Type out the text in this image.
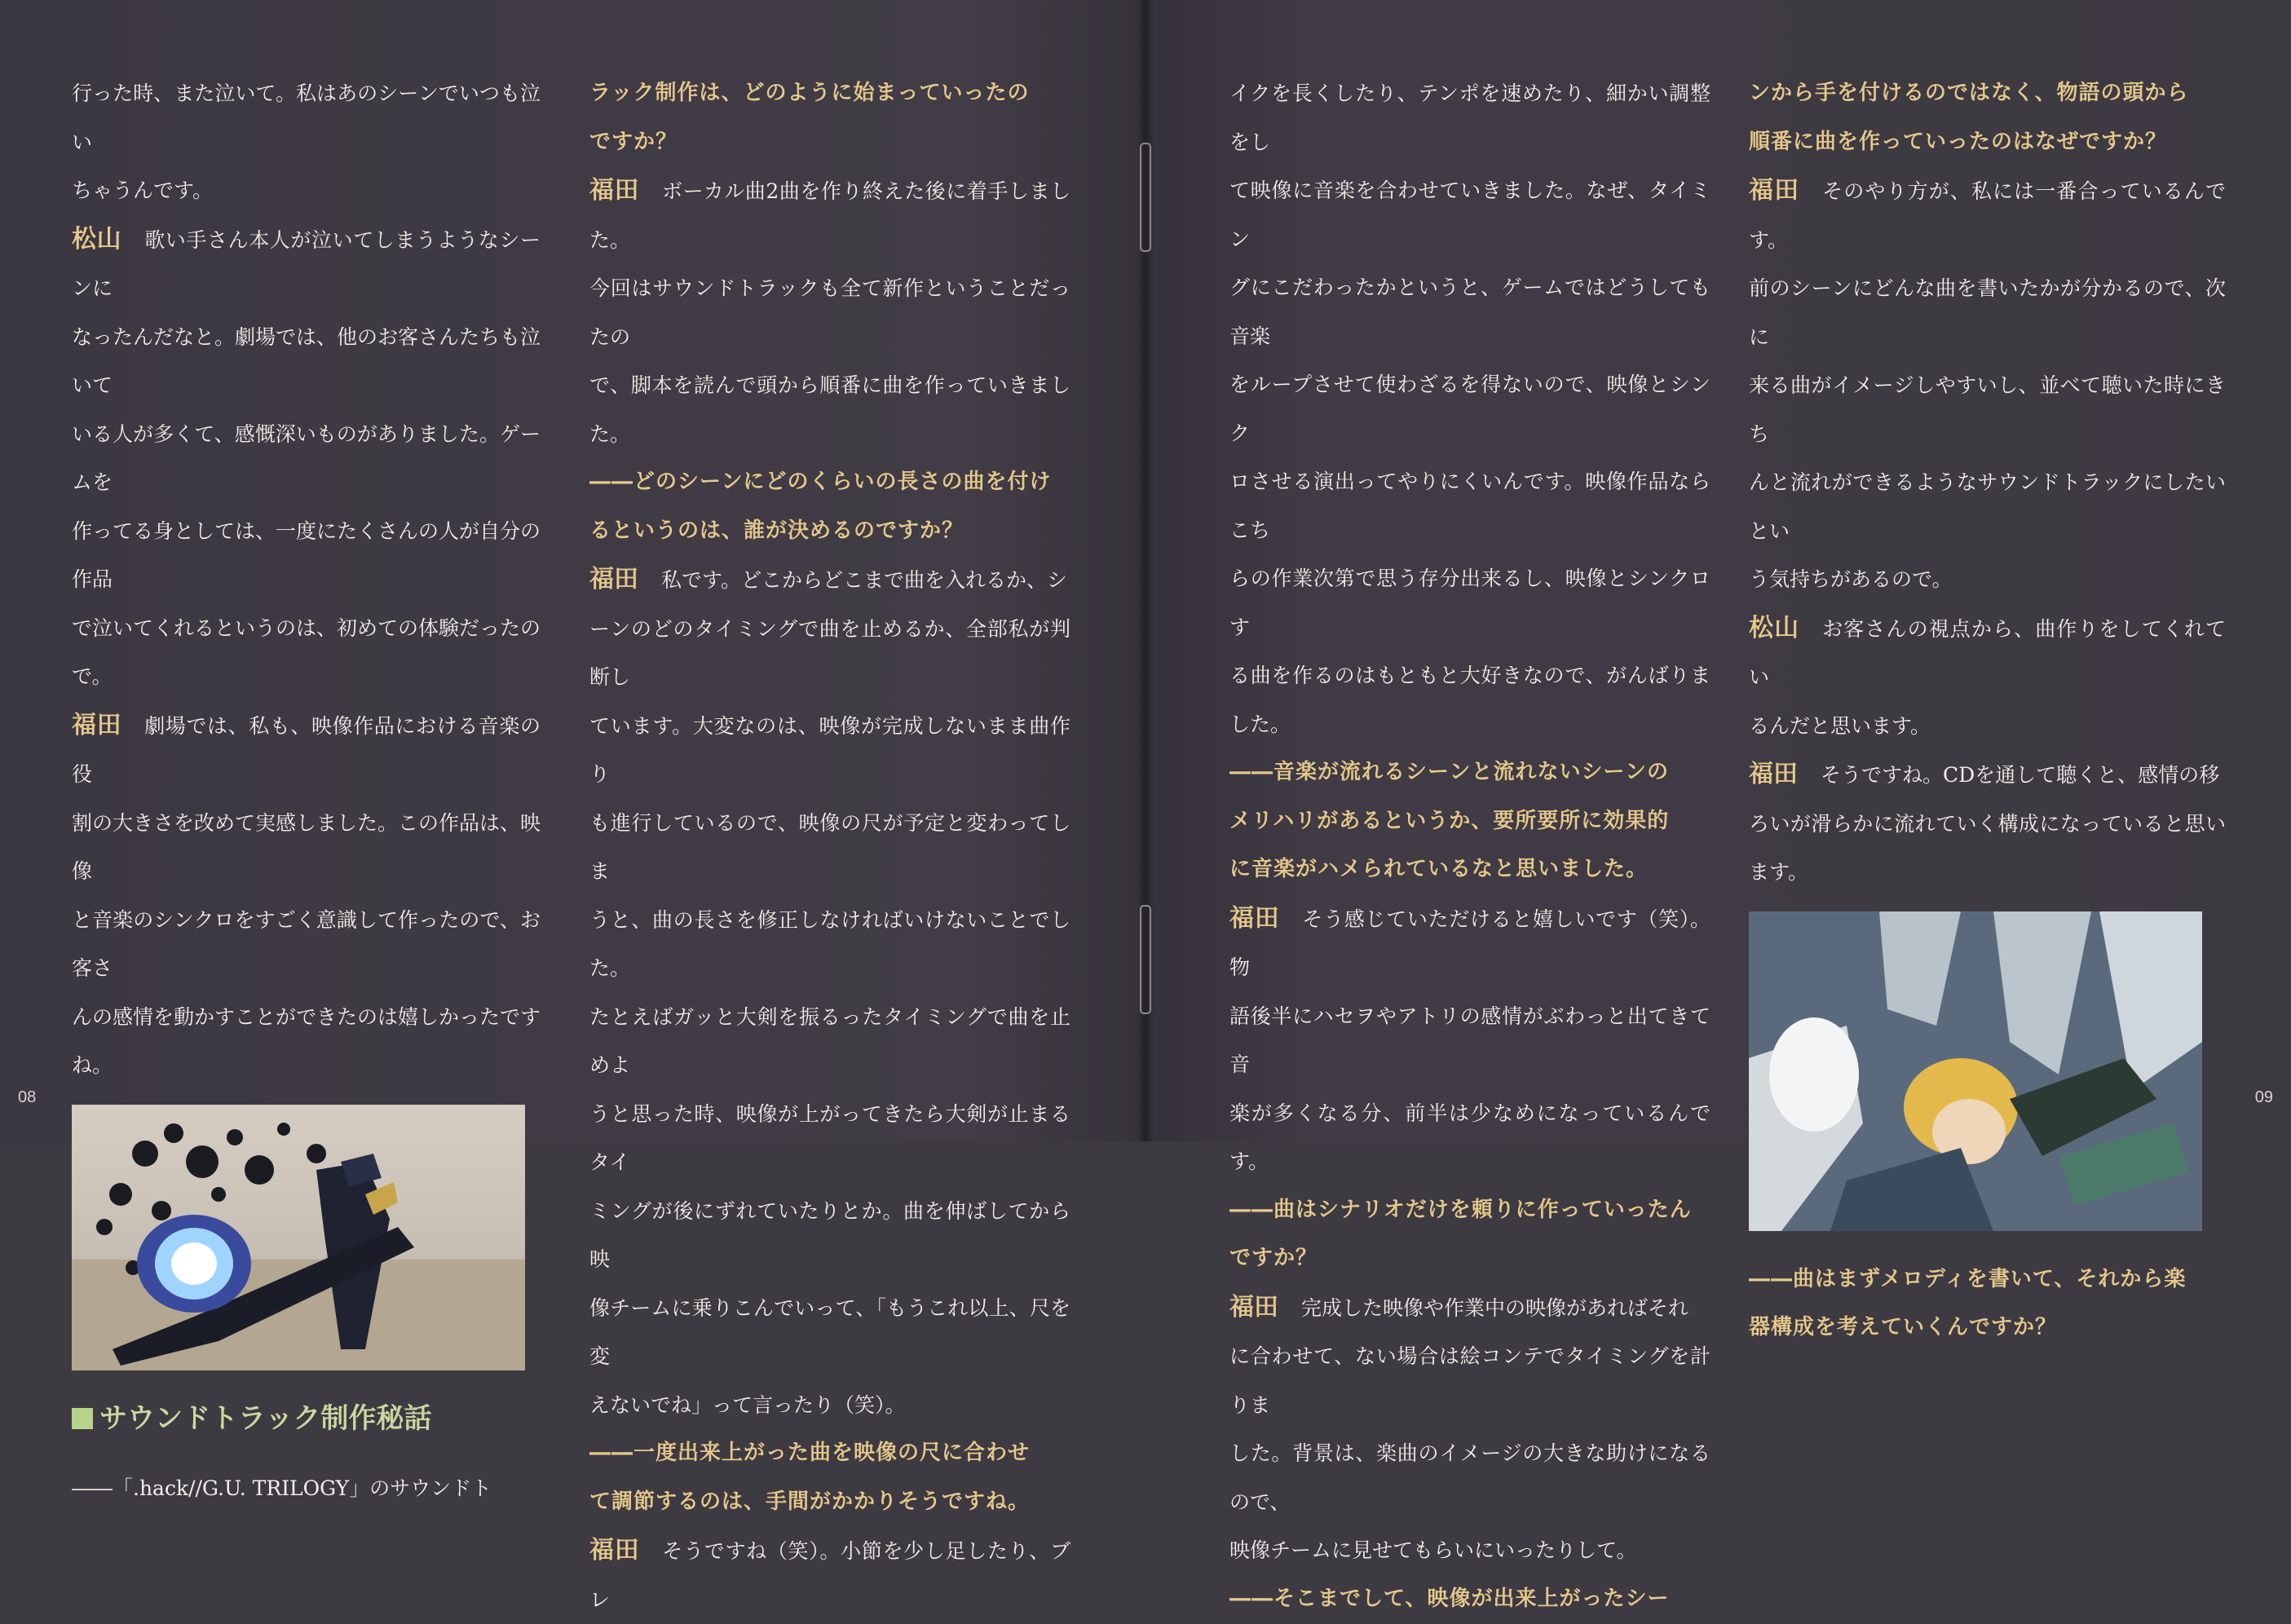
行った時、また泣いて。私はあのシーンでいつも泣い
ちゃうんです。

松山 歌い手さん本人が泣いてしまうようなシーンに
なったんだなと。劇場では、他のお客さんたちも泣いて
いる人が多くて、感慨深いものがありました。ゲームを
作ってる身としては、一度にたくさんの人が自分の作品
で泣いてくれるというのは、初めての体験だったので。

福田 劇場では、私も、映像作品における音楽の役
割の大きさを改めて実感しました。この作品は、映像
と音楽のシンクロをすごく意識して作ったので、お客さ
んの感情を動かすことができたのは嬉しかったですね。

サウンドトラック制作秘話

――「.hack//G.U. TRILOGY」のサウンドト

ラック制作は、どのように始まっていったの
ですか？

福田 ボーカル曲2曲を作り終えた後に着手しました。
今回はサウンドトラックも全て新作ということだったの
で、脚本を読んで頭から順番に曲を作っていきました。

――どのシーンにどのくらいの長さの曲を付け
るというのは、誰が決めるのですか？

福田 私です。どこからどこまで曲を入れるか、シ
ーンのどのタイミングで曲を止めるか、全部私が判断し
ています。大変なのは、映像が完成しないまま曲作り
も進行しているので、映像の尺が予定と変わってしま
うと、曲の長さを修正しなければいけないことでした。
たとえばガッと大剣を振るったタイミングで曲を止めよ
うと思った時、映像が上がってきたら大剣が止まるタイ
ミングが後にずれていたりとか。曲を伸ばしてから映
像チームに乗りこんでいって、「もうこれ以上、尺を変
えないでね」って言ったり（笑）。

――一度出来上がった曲を映像の尺に合わせ
て調節するのは、手間がかかりそうですね。

福田 そうですね（笑）。小節を少し足したり、ブレ

08	09

イクを長くしたり、テンポを速めたり、細かい調整をし
て映像に音楽を合わせていきました。なぜ、タイミン
グにこだわったかというと、ゲームではどうしても音楽
をループさせて使わざるを得ないので、映像とシンク
ロさせる演出ってやりにくいんです。映像作品ならこち
らの作業次第で思う存分出来るし、映像とシンクロす
る曲を作るのはもともと大好きなので、がんばりました。

――音楽が流れるシーンと流れないシーンの
メリハリがあるというか、要所要所に効果的
に音楽がハメられているなと思いました。

福田 そう感じていただけると嬉しいです（笑）。物
語後半にハセヲやアトリの感情がぶわっと出てきて音
楽が多くなる分、前半は少なめになっているんです。

――曲はシナリオだけを頼りに作っていったん
ですか？

福田 完成した映像や作業中の映像があればそれ
に合わせて、ない場合は絵コンテでタイミングを計りま
した。背景は、楽曲のイメージの大きな助けになるので、
映像チームに見せてもらいにいったりして。

――そこまでして、映像が出来上がったシー

ンから手を付けるのではなく、物語の頭から
順番に曲を作っていったのはなぜですか？

福田 そのやり方が、私には一番合っているんです。
前のシーンにどんな曲を書いたかが分かるので、次に
来る曲がイメージしやすいし、並べて聴いた時にきち
んと流れができるようなサウンドトラックにしたいとい
う気持ちがあるので。

松山 お客さんの視点から、曲作りをしてくれてい
るんだと思います。

福田 そうですね。CDを通して聴くと、感情の移
ろいが滑らかに流れていく構成になっていると思います。

――曲はまずメロディを書いて、それから楽
器構成を考えていくんですか？
